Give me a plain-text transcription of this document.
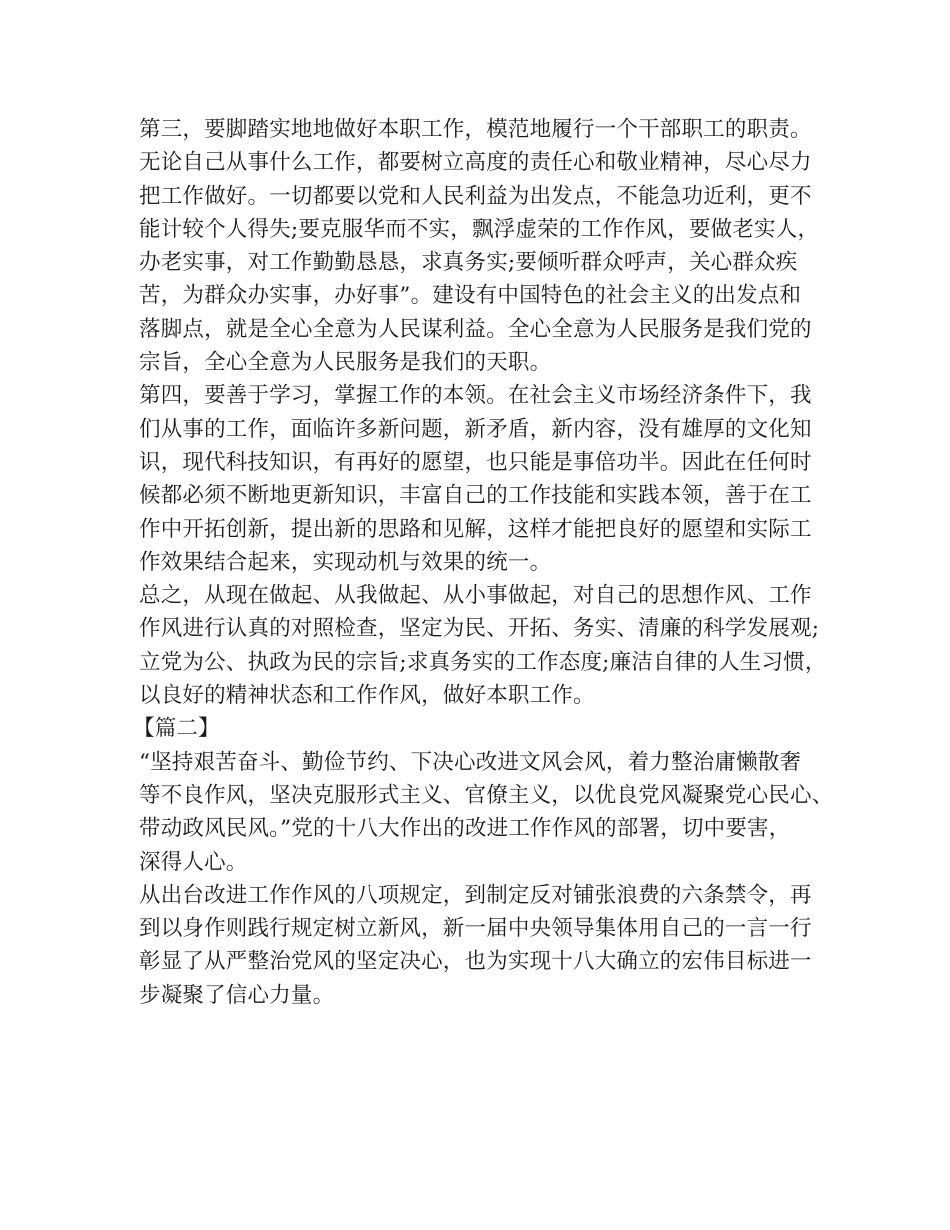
第三，要脚踏实地地做好本职工作，模范地履行一个干部职工的职责。
无论自己从事什么工作，都要树立高度的责任心和敬业精神，尽心尽力
把工作做好。一切都要以党和人民利益为出发点，不能急功近利，更不
能计较个人得失;要克服华而不实，飘浮虚荣的工作作风，要做老实人，
办老实事，对工作勤勤恳恳，求真务实;要倾听群众呼声，关心群众疾
苦，为群众办实事，办好事”。建设有中国特色的社会主义的出发点和
落脚点，就是全心全意为人民谋利益。全心全意为人民服务是我们党的
宗旨，全心全意为人民服务是我们的天职。
第四，要善于学习，掌握工作的本领。在社会主义市场经济条件下，我
们从事的工作，面临许多新问题，新矛盾，新内容，没有雄厚的文化知
识，现代科技知识，有再好的愿望，也只能是事倍功半。因此在任何时
候都必须不断地更新知识，丰富自己的工作技能和实践本领，善于在工
作中开拓创新，提出新的思路和见解，这样才能把良好的愿望和实际工
作效果结合起来，实现动机与效果的统一。
总之，从现在做起、从我做起、从小事做起，对自己的思想作风、工作
作风进行认真的对照检查，坚定为民、开拓、务实、清廉的科学发展观;
立党为公、执政为民的宗旨;求真务实的工作态度;廉洁自律的人生习惯，
以良好的精神状态和工作作风，做好本职工作。
【篇二】
“坚持艰苦奋斗、勤俭节约、下决心改进文风会风，着力整治庸懒散奢
等不良作风，坚决克服形式主义、官僚主义，以优良党风凝聚党心民心、
带动政风民风。”党的十八大作出的改进工作作风的部署，切中要害，
深得人心。
从出台改进工作作风的八项规定，到制定反对铺张浪费的六条禁令，再
到以身作则践行规定树立新风，新一届中央领导集体用自己的一言一行
彰显了从严整治党风的坚定决心，也为实现十八大确立的宏伟目标进一
步凝聚了信心力量。
